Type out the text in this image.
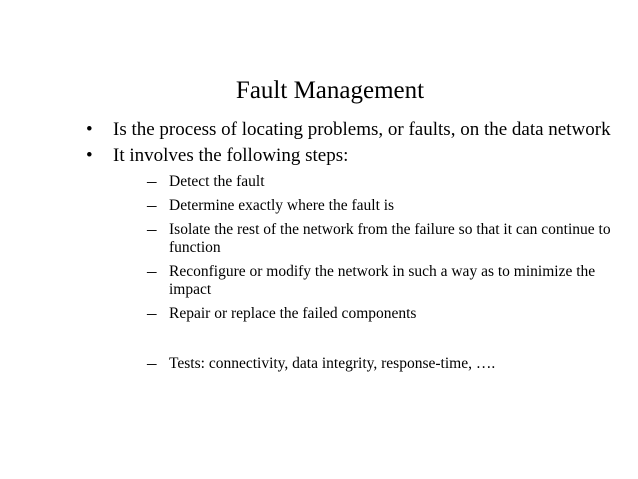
Fault Management
• Is the process of locating problems, or faults, on the data network
• It involves the following steps:
– Detect the fault
– Determine exactly where the fault is
– Isolate the rest of the network from the failure so that it can continue to function
– Reconfigure or modify the network in such a way as to minimize the impact
– Repair or replace the failed components
– Tests: connectivity, data integrity, response-time, ….
